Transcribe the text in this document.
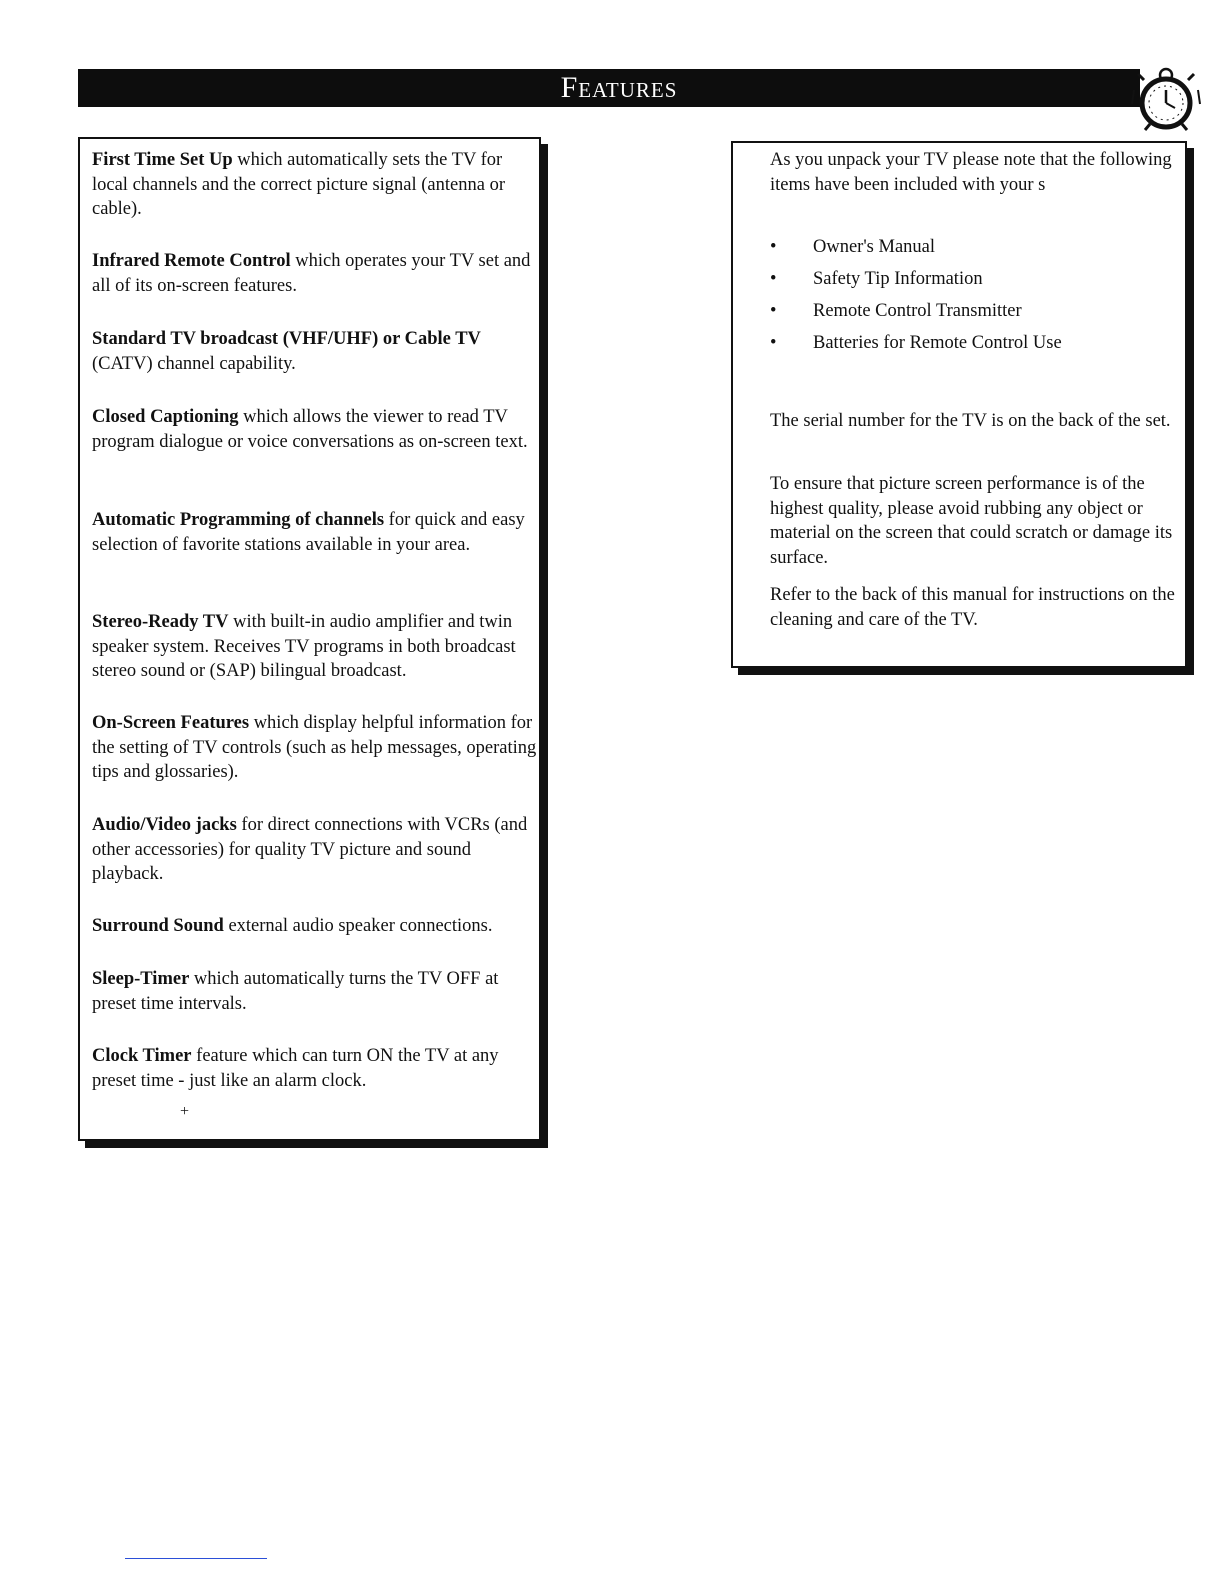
Features
First Time Set Up which automatically sets the TV for local channels and the correct picture signal (antenna or cable).
Infrared Remote Control which operates your TV set and all of its on-screen features.
Standard TV broadcast (VHF/UHF) or Cable TV (CATV) channel capability.
Closed Captioning which allows the viewer to read TV program dialogue or voice conversations as on-screen text.
Automatic Programming of channels for quick and easy selection of favorite stations available in your area.
Stereo-Ready TV with built-in audio amplifier and twin speaker system. Receives TV programs in both broadcast stereo sound or (SAP) bilingual broadcast.
On-Screen Features which display helpful information for the setting of TV controls (such as help messages, operating tips and glossaries).
Audio/Video jacks for direct connections with VCRs (and other accessories) for quality TV picture and sound playback.
Surround Sound external audio speaker connections.
Sleep-Timer which automatically turns the TV OFF at preset time intervals.
Clock Timer feature which can turn ON the TV at any preset time - just like an alarm clock.
As you unpack your TV please note that the following items have been included with your s
• Owner's Manual
• Safety Tip Information
• Remote Control Transmitter
• Batteries for Remote Control Use
The serial number for the TV is on the back of the set.
To ensure that picture screen performance is of the highest quality, please avoid rubbing any object or material on the screen that could scratch or damage its surface.
Refer to the back of this manual for instructions on the cleaning and care of the TV.
+
